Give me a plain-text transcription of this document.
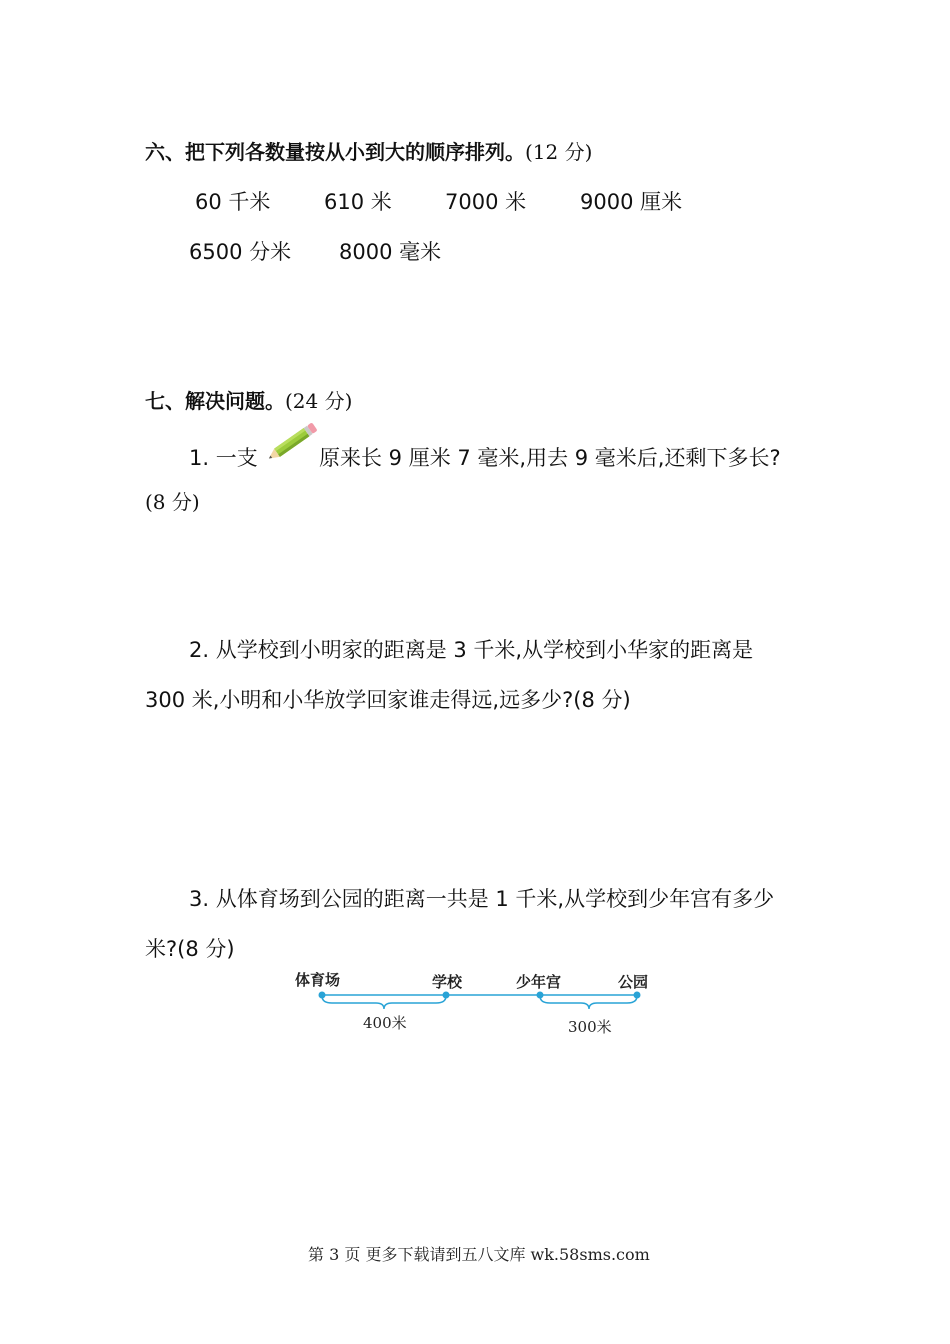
六、把下列各数量按从小到大的顺序排列。(12 分)
60 千米	610 米	7000 米	9000 厘米
6500 分米 8000 毫米
七、解决问题。(24 分)
1. 一支	原来长 9 厘米 7 毫米,用去 9 毫米后,还剩下多长?
(8 分)
2. 从学校到小明家的距离是 3 千米,从学校到小华家的距离是
300 米,小明和小华放学回家谁走得远,远多少?(8 分)
3. 从体育场到公园的距离一共是 1 千米,从学校到少年宫有多少
米?(8 分)
体育场	学校	少年宫	公园
400米	300米
第 3 页 更多下载请到五八文库 wk.58sms.com
